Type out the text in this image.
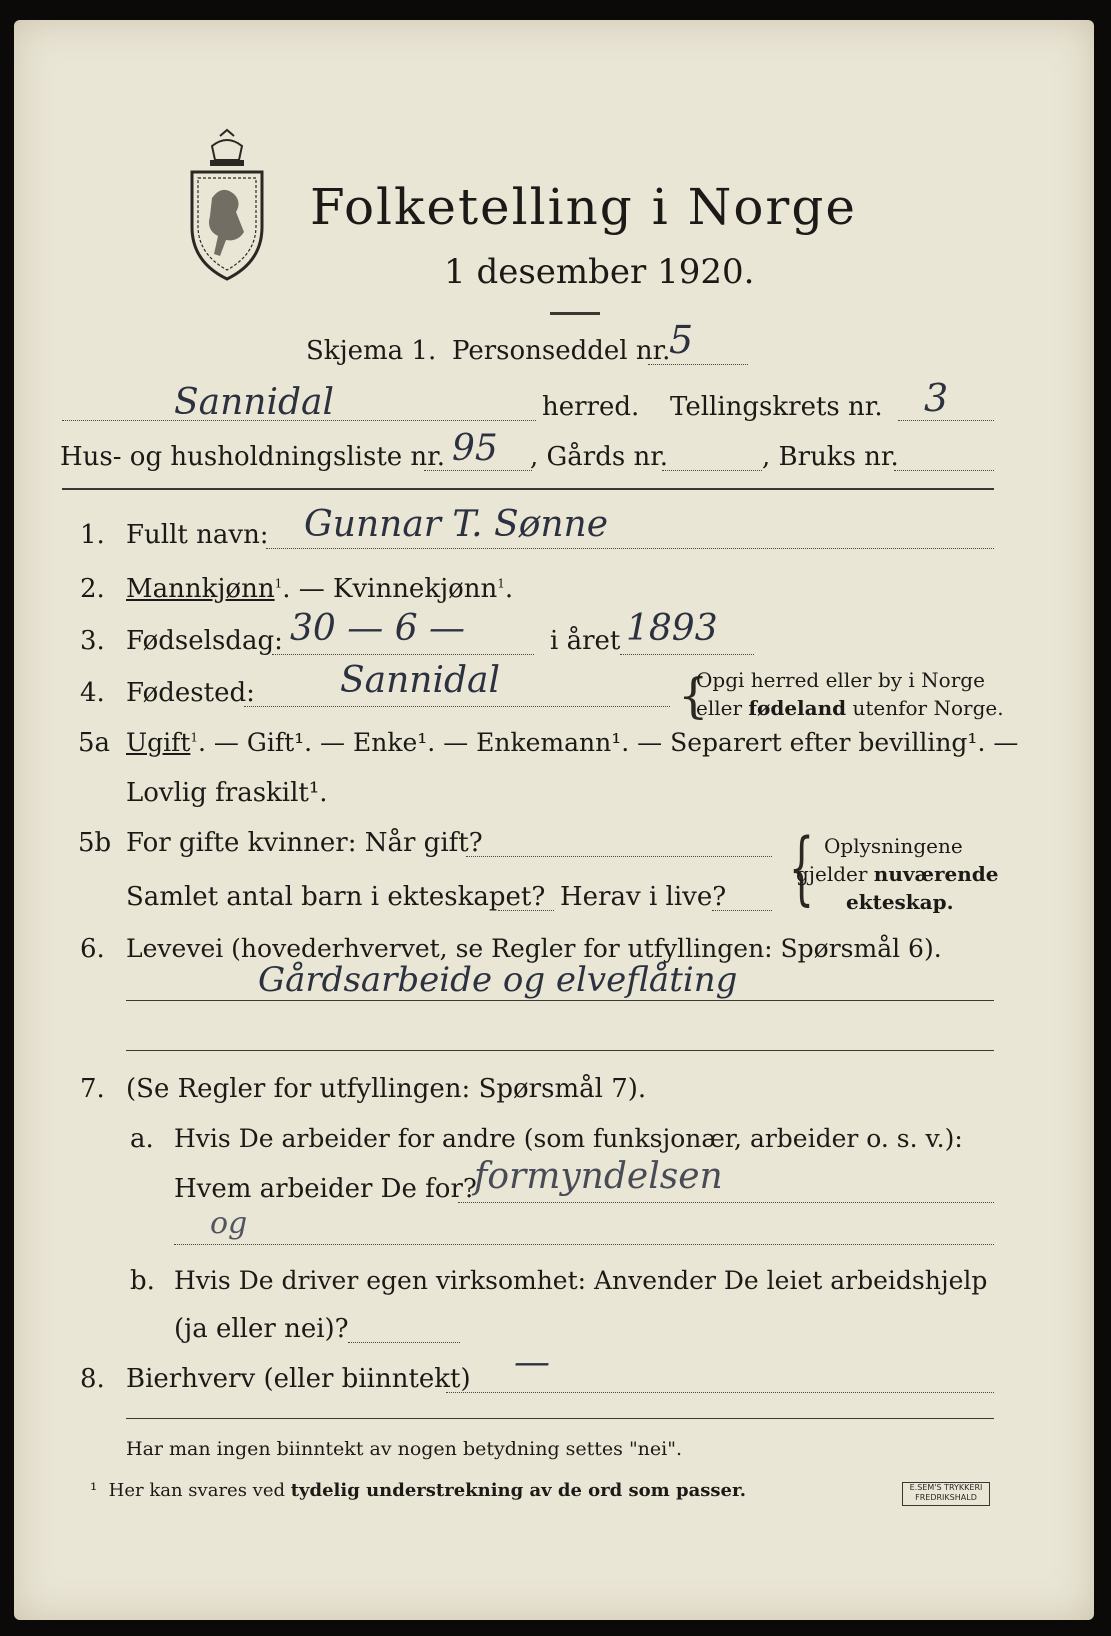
Folketelling i Norge
1 desember 1920.
Skjema 1. Personseddel nr.
5
Sannidal	herred. Tellingskrets nr. 3
Hus- og husholdningsliste nr. 95 , Gårds nr.	, Bruks nr.
1. Fullt navn: Gunnar T. Sønne
2. Mannkjønn$^1$. — Kvinnekjønn$^1$.
3. Fødselsdag: 30 — 6 —	i året 1893
4. Fødested: Sannidal	{
Opgi herred eller by i Norge
eller fødeland utenfor Norge.
5a Ugift$^1$. — Gift¹. — Enke¹. — Enkemann¹. — Separert efter bevilling¹. —
Lovlig fraskilt¹.
5b For gifte kvinner: Når gift?
Samlet antal barn i ekteskapet? Herav i live? { Oplysningene
gjelder nuværende
ekteskap.
6. Levevei (hovederhvervet, se Regler for utfyllingen: Spørsmål 6).
Gårdsarbeide og elveflåting
7. (Se Regler for utfyllingen: Spørsmål 7).
a. Hvis De arbeider for andre (som funksjonær, arbeider o. s. v.):
Hvem arbeider De for?
formyndelsen
og
b. Hvis De driver egen virksomhet: Anvender De leiet arbeidshjelp
(ja eller nei)?
8. Bierhverv (eller biinntekt) —
Har man ingen biinntekt av nogen betydning settes "nei".
¹ Her kan svares ved tydelig understrekning av de ord som passer.	E.SEM'S TRYKKERI
FREDRIKSHALD
